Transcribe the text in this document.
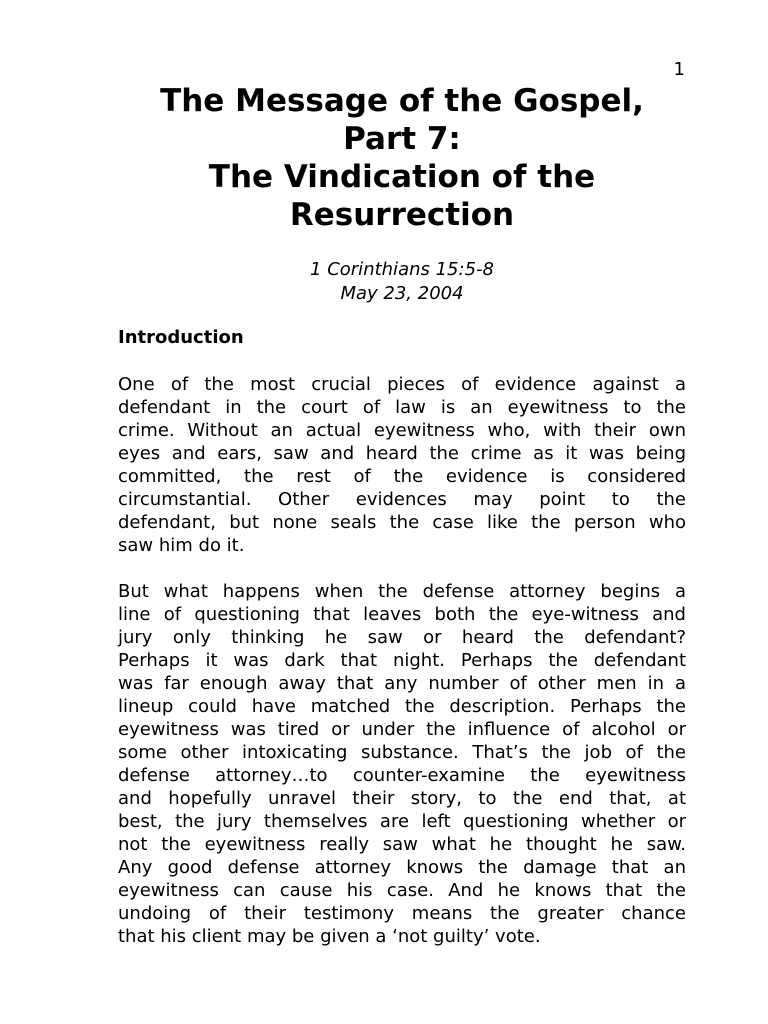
1
The Message of the Gospel,
Part 7:
The Vindication of the
Resurrection
1 Corinthians 15:5-8
May 23, 2004
Introduction
One of the most crucial pieces of evidence against a
defendant in the court of law is an eyewitness to the
crime. Without an actual eyewitness who, with their own
eyes and ears, saw and heard the crime as it was being
committed, the rest of the evidence is considered
circumstantial. Other evidences may point to the
defendant, but none seals the case like the person who
saw him do it.
But what happens when the defense attorney begins a
line of questioning that leaves both the eye-witness and
jury only thinking he saw or heard the defendant?
Perhaps it was dark that night. Perhaps the defendant
was far enough away that any number of other men in a
lineup could have matched the description. Perhaps the
eyewitness was tired or under the influence of alcohol or
some other intoxicating substance. That’s the job of the
defense attorney…to counter-examine the eyewitness
and hopefully unravel their story, to the end that, at
best, the jury themselves are left questioning whether or
not the eyewitness really saw what he thought he saw.
Any good defense attorney knows the damage that an
eyewitness can cause his case. And he knows that the
undoing of their testimony means the greater chance
that his client may be given a ‘not guilty’ vote.
